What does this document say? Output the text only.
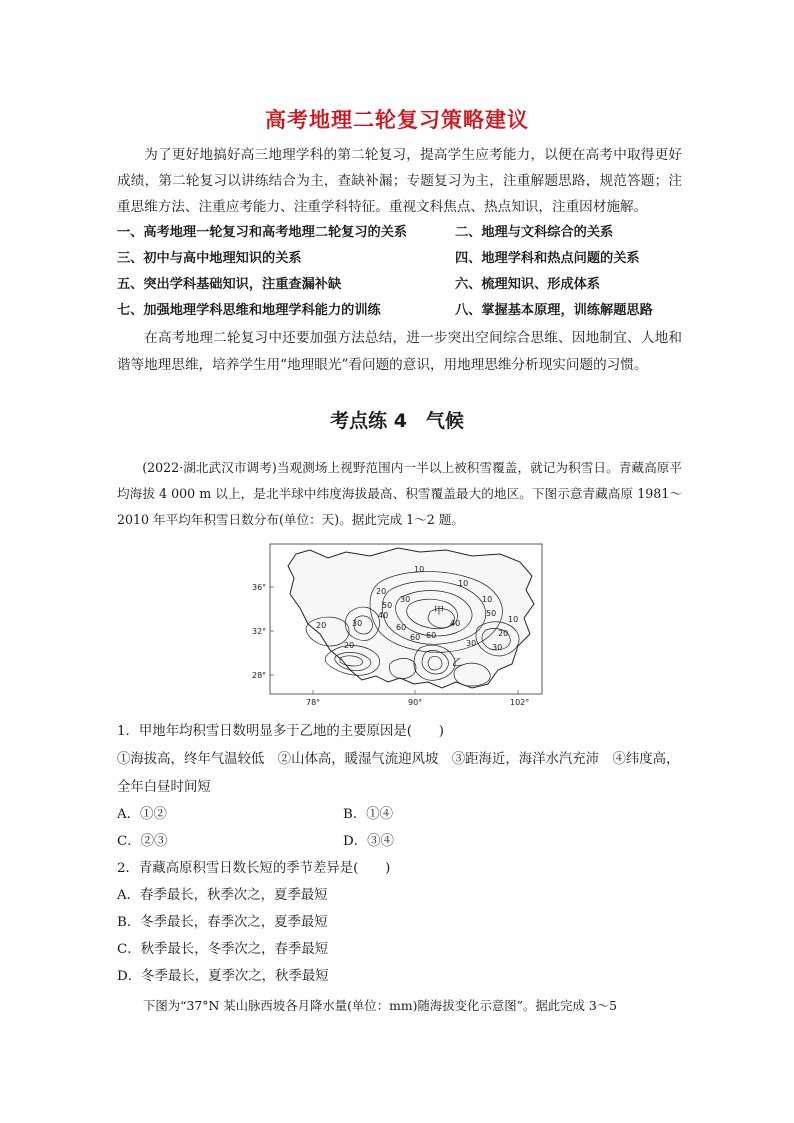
高考地理二轮复习策略建议
为了更好地搞好高三地理学科的第二轮复习，提高学生应考能力，以便在高考中取得更好成绩，第二轮复习以讲练结合为主，查缺补漏；专题复习为主，注重解题思路，规范答题；注重思维方法、注重应考能力、注重学科特征。重视文科焦点、热点知识，注重因材施解。
一、高考地理一轮复习和高考地理二轮复习的关系	二、地理与文科综合的关系
三、初中与高中地理知识的关系	四、地理学科和热点问题的关系
五、突出学科基础知识，注重查漏补缺	六、梳理知识、形成体系
七、加强地理学科思维和地理学科能力的训练	八、掌握基本原理，训练解题思路
在高考地理二轮复习中还要加强方法总结，进一步突出空间综合思维、因地制宜、人地和谐等地理思维，培养学生用“地理眼光”看问题的意识，用地理思维分析现实问题的习惯。
考点练 4　气候
(2022·湖北武汉市调考)当观测场上视野范围内一半以上被积雪覆盖，就记为积雪日。青藏高原平均海拔 4 000 m 以上，是北半球中纬度海拔最高、积雪覆盖最大的地区。下图示意青藏高原 1981～2010 年平均年积雪日数分布(单位：天)。据此完成 1～2 题。
10
20
50
30
40
60
30
20
10
60
20
10
10
20
30
40
50
60
30
甲
乙
36°
32°
28°
78°	90°	102°
1．甲地年均积雪日数明显多于乙地的主要原因是(　　)
①海拔高，终年气温较低　②山体高，暖湿气流迎风坡　③距海近，海洋水汽充沛　④纬度高，全年白昼时间短
A．①②	B．①④
C．②③	D．③④
2．青藏高原积雪日数长短的季节差异是(　　)
A．春季最长，秋季次之，夏季最短
B．冬季最长，春季次之，夏季最短
C．秋季最长，冬季次之，春季最短
D．冬季最长，夏季次之，秋季最短
下图为“37°N 某山脉西坡各月降水量(单位：mm)随海拔变化示意图”。据此完成 3～5
